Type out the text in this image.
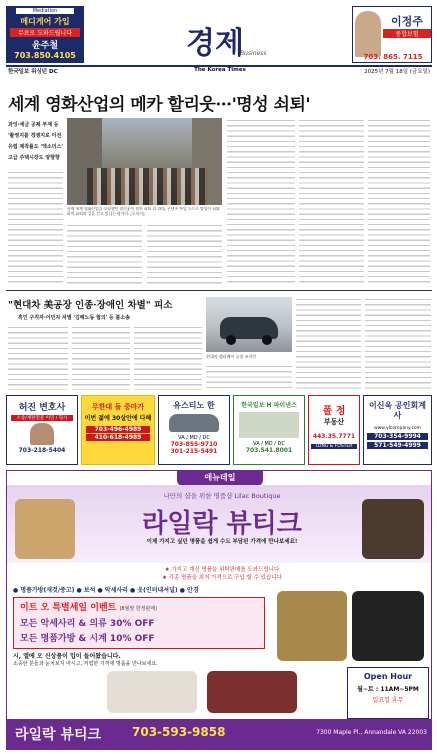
Mediation
메디게어 가입
무료로 도와드립니다
윤주철
703.850.4105	경제
Business
이정주
종합보험
703. 865. 7115
한국일보 워싱턴 DC	The Korea Times	2025년 7월 18일 (금요일)
세계 영화산업의 메카 할리웃···'명성 쇠퇴'
과잉·세금 공제 부재 등
'촬영지를 경쟁지로 이전
유럽 제작률도 '엑소더스'
고급 주택시장도 양향향
한때 세계 영화산업을 호령했던 할리웃이 점진 쇠퇴 과 과대, 콘텐츠 부담 등으로 명성이 쇠퇴하며 쇠퇴의 길을 걷고 있다는 평가다. [로이터]
"현대차 美공장 인종·장애인 차별" 피소
흑인 구직자·이민자 차별 '김해노동 혐의' 등 불소송
현대차 앨라배마 공장 조지안
허진 변호사
소송/재판전문 이민 / 형사
703-218-5404
무한대 돌 중마가
이번 젊에 30살안에 다해
703-496-4989
410-618-4989
유스티노 한
VA / MD / DC
703-855-9710
301-215-5491
한국일보 H 파이낸스
VA / MD / DC
703.541.8001
폴 정
부동산
443.35.7771
LONG & FOSTER
이신욱 공인회계사
www.ylcompany.com
703-354-9994
571-549-4999
애뉴데일
나만의 샵을 위한 명품샵 Lilac Boutique
라일락 뷰티크
이제 가지고 싶던 명품을 쉽게 수도 부담된 가격에 만나보세요!
★ 가지고 계신 명품을 위탁판매를 도와드립니다
★ 각종 명품을 최저 가격으로 구입 할 수 있습니다
● 명품가방(새것/중고) ● 보석 ● 악세사리 ● 옷(인터내셔널) ● 안경
이트 오 특별세일 이벤트 (8월말 한정판매)
모든 악세사리 & 의류 30% OFF
모든 명품가방 & 시계 10% OFF
시, 엘에 오 신상품이 입이 들어왔습니다.
소중한 분들과 눈치보지 마시고, 저렴한 가격에 명품을 만나보세요.
Open Hour
월~토 : 11AM~5PM
일요일 휴무
라일락 뷰티크	703-593-9858	7300 Maple Pl., Annandale VA 22003
